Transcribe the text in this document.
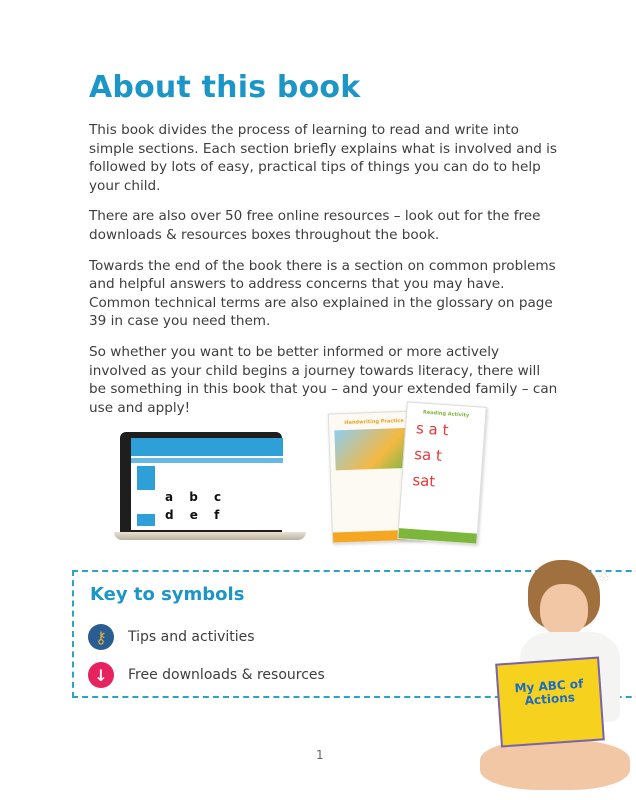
About this book

This book divides the process of learning to read and write into simple sections. Each section briefly explains what is involved and is followed by lots of easy, practical tips of things you can do to help your child.

There are also over 50 free online resources – look out for the free downloads & resources boxes throughout the book.

Towards the end of the book there is a section on common problems and helpful answers to address concerns that you may have. Common technical terms are also explained in the glossary on page 39 in case you need them.

So whether you want to be better informed or more actively involved as your child begins a journey towards literacy, there will be something in this book that you – and your extended family – can use and apply!

a b c
d e f
Handwriting Practice
Reading Activity
s a t
sa t
sat
Key to symbols
⚷	Tips and activities
↓	Free downloads & resources
✿
My ABC of Actions
1
